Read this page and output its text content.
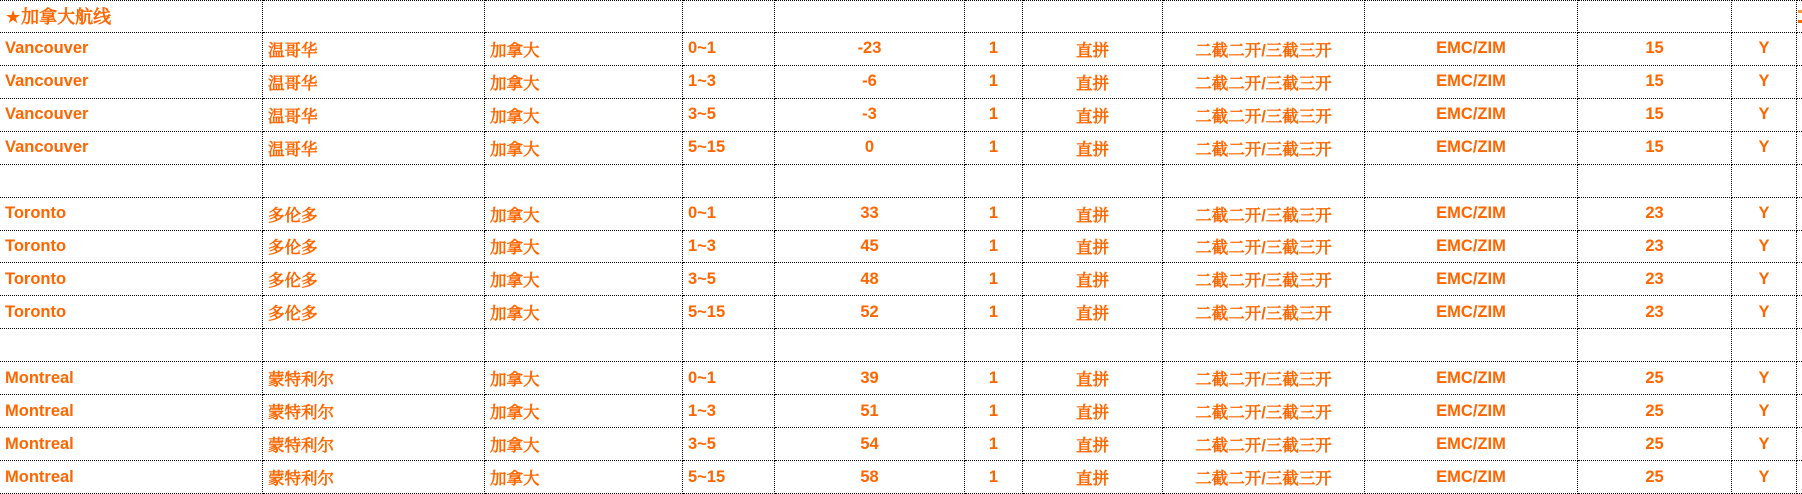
★加拿大航线
Vancouver	温哥华	加拿大	0~1	-23	1	直拼	二截二开/三截三开	EMC/ZIM	15	Y
Vancouver	温哥华	加拿大	1~3	-6	1	直拼	二截二开/三截三开	EMC/ZIM	15	Y
Vancouver	温哥华	加拿大	3~5	-3	1	直拼	二截二开/三截三开	EMC/ZIM	15	Y
Vancouver	温哥华	加拿大	5~15	0	1	直拼	二截二开/三截三开	EMC/ZIM	15	Y
Toronto	多伦多	加拿大	0~1	33	1	直拼	二截二开/三截三开	EMC/ZIM	23	Y
Toronto	多伦多	加拿大	1~3	45	1	直拼	二截二开/三截三开	EMC/ZIM	23	Y
Toronto	多伦多	加拿大	3~5	48	1	直拼	二截二开/三截三开	EMC/ZIM	23	Y
Toronto	多伦多	加拿大	5~15	52	1	直拼	二截二开/三截三开	EMC/ZIM	23	Y
Montreal	蒙特利尔	加拿大	0~1	39	1	直拼	二截二开/三截三开	EMC/ZIM	25	Y
Montreal	蒙特利尔	加拿大	1~3	51	1	直拼	二截二开/三截三开	EMC/ZIM	25	Y
Montreal	蒙特利尔	加拿大	3~5	54	1	直拼	二截二开/三截三开	EMC/ZIM	25	Y
Montreal	蒙特利尔	加拿大	5~15	58	1	直拼	二截二开/三截三开	EMC/ZIM	25	Y
